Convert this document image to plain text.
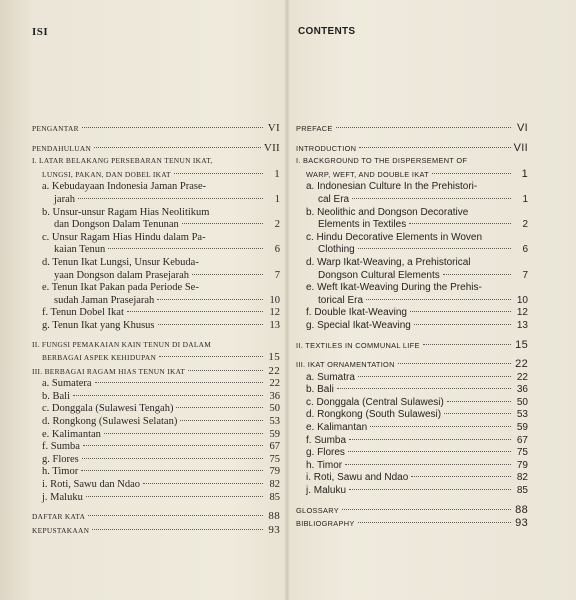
ISI
PENGANTAR	VI
PENDAHULUAN	VII
I. LATAR BELAKANG PERSEBARAN TENUN IKAT,
LUNGSI, PAKAN, DAN DOBEL IKAT	1
a. Kebudayaan Indonesia Jaman Prase-
jarah	1
b. Unsur-unsur Ragam Hias Neolitikum
dan Dongson Dalam Tenunan	2
c. Unsur Ragam Hias Hindu dalam Pa-
kaian Tenun	6
d. Tenun Ikat Lungsi, Unsur Kebuda-
yaan Dongson dalam Prasejarah	7
e. Tenun Ikat Pakan pada Periode Se-
sudah Jaman Prasejarah	10
f. Tenun Dobel Ikat	12
g. Tenun Ikat yang Khusus	13
II. FUNGSI PEMAKAIAN KAIN TENUN DI DALAM
BERBAGAI ASPEK KEHIDUPAN	15
III. BERBAGAI RAGAM HIAS TENUN IKAT	22
a. Sumatera	22
b. Bali	36
c. Donggala (Sulawesi Tengah)	50
d. Rongkong (Sulawesi Selatan)	53
e. Kalimantan	59
f. Sumba	67
g. Flores	75
h. Timor	79
i. Roti, Sawu dan Ndao	82
j. Maluku	85
DAFTAR KATA	88
KEPUSTAKAAN	93
CONTENTS
PREFACE	VI
INTRODUCTION	VII
I. BACKGROUND TO THE DISPERSEMENT OF
WARP, WEFT, AND DOUBLE IKAT	1
a. Indonesian Culture In the Prehistori-
cal Era	1
b. Neolithic and Dongson Decorative
Elements in Textiles	2
c. Hindu Decorative Elements in Woven
Clothing	6
d. Warp Ikat-Weaving, a Prehistorical
Dongson Cultural Elements	7
e. Weft Ikat-Weaving During the Prehis-
torical Era	10
f. Double Ikat-Weaving	12
g. Special Ikat-Weaving	13
II. TEXTILES IN COMMUNAL LIFE	15
III. IKAT ORNAMENTATION	22
a. Sumatra	22
b. Bali	36
c. Donggala (Central Sulawesi)	50
d. Rongkong (South Sulawesi)	53
e. Kalimantan	59
f. Sumba	67
g. Flores	75
h. Timor	79
i. Roti, Sawu and Ndao	82
j. Maluku	85
GLOSSARY	88
BIBLIOGRAPHY	93
